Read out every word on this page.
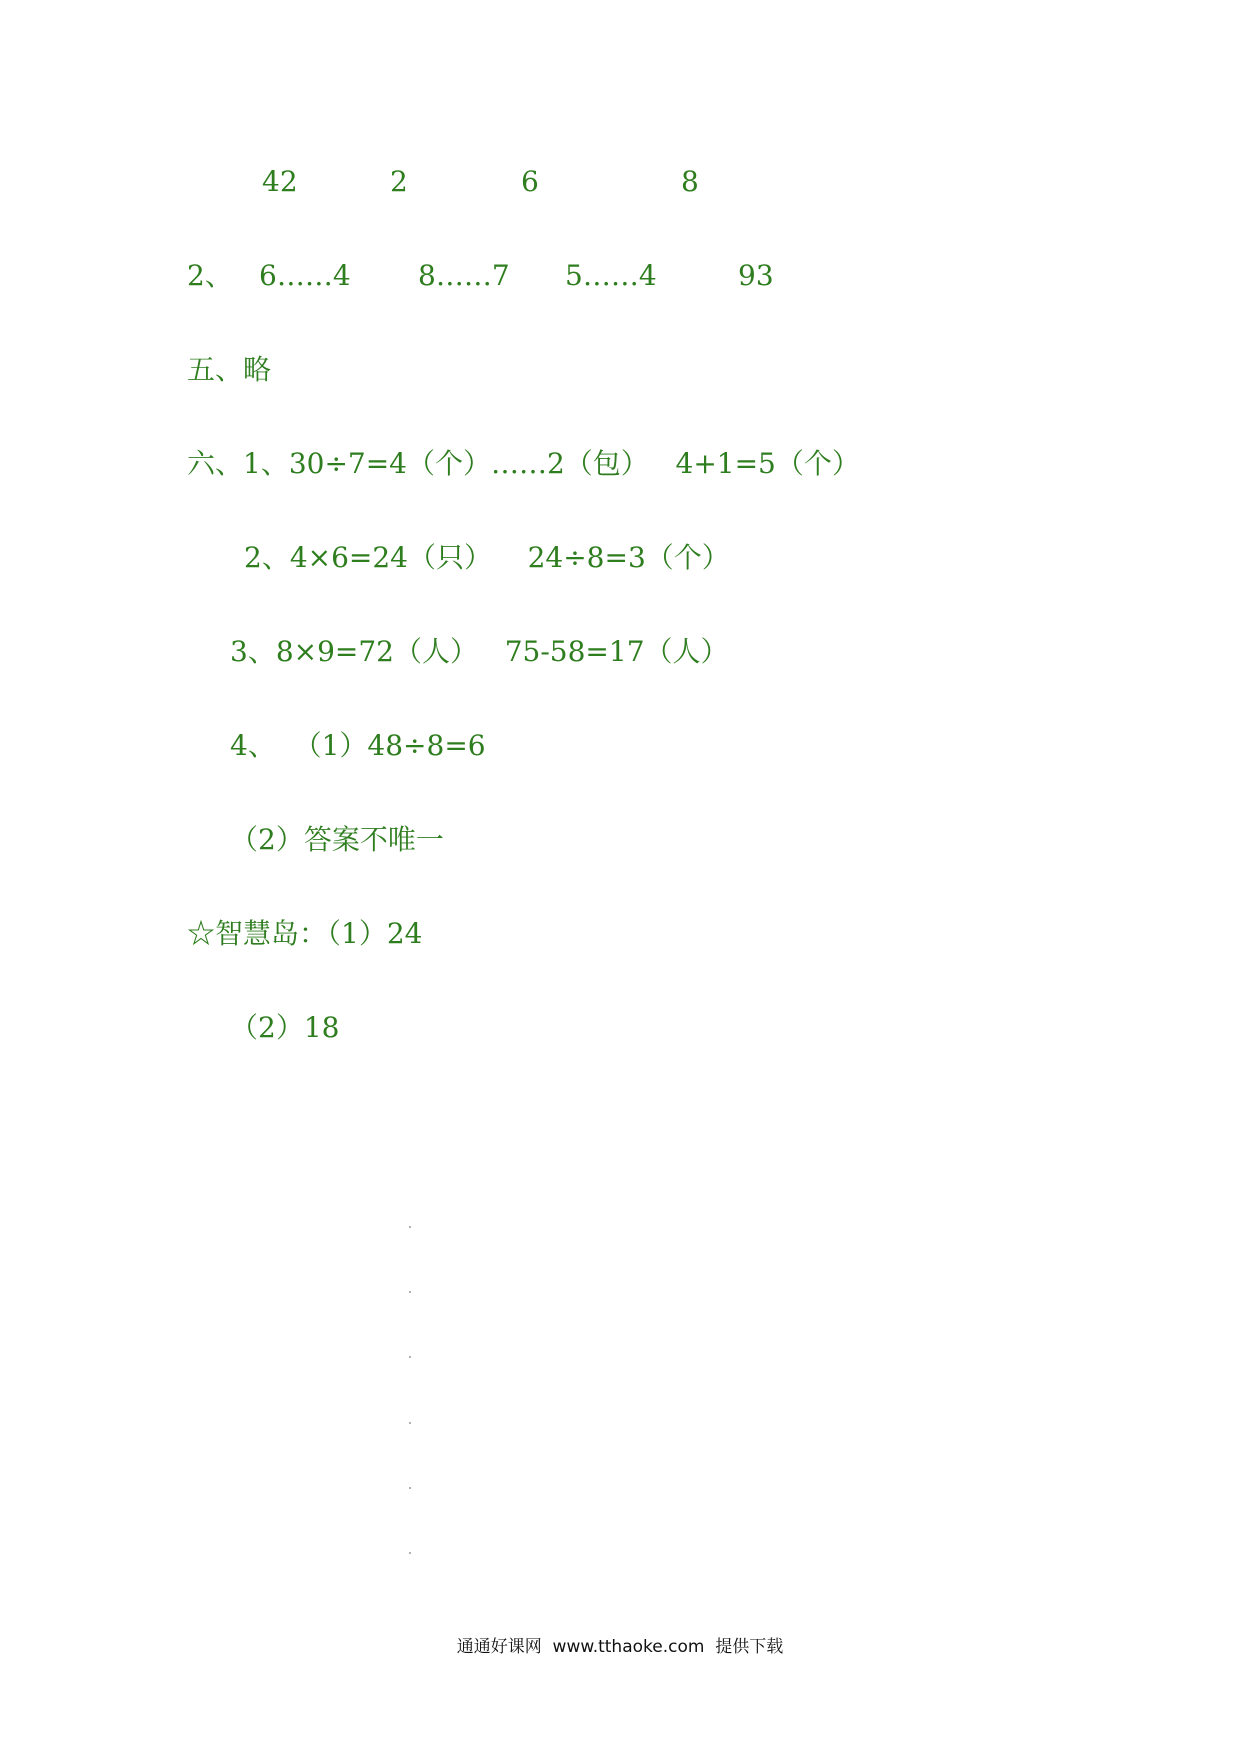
42	2	6	8
2、 6……4 8……7 5……4	93
五、略
六、1、30÷7=4（个）……2（包）   4+1=5（个）
2、4×6=24（只）    24÷8=3（个）
3、8×9=72（人）   75-58=17（人）
4、  （1）48÷8=6
（2）答案不唯一
☆智慧岛：（1）24
（2）18
通通好课网  www.tthaoke.com  提供下载
